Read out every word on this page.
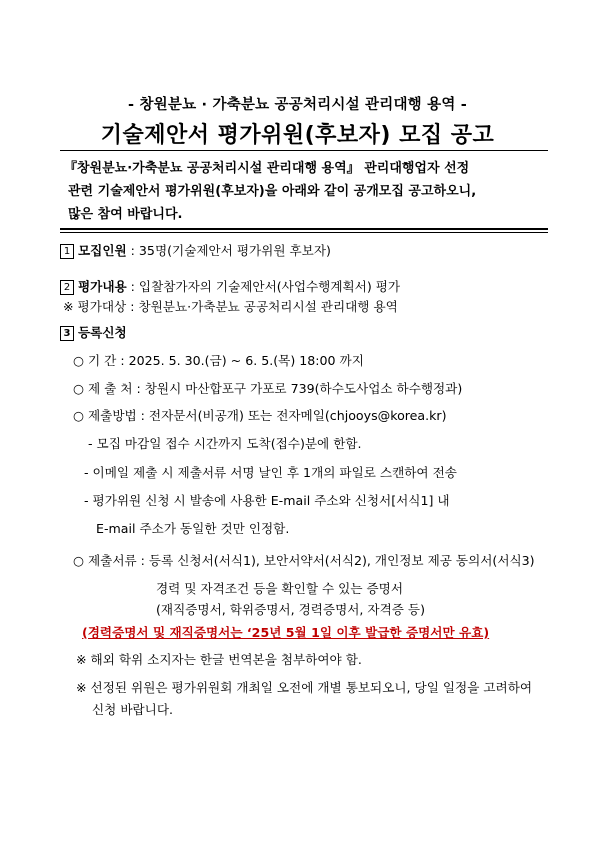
- 창원분뇨 · 가축분뇨 공공처리시설 관리대행 용역 -
기술제안서 평가위원(후보자) 모집 공고
『창원분뇨·가축분뇨 공공처리시설 관리대행 용역』 관리대행업자 선정
관련 기술제안서 평가위원(후보자)을 아래와 같이 공개모집 공고하오니,
많은 참여 바랍니다.
1 모집인원 : 35명(기술제안서 평가위원 후보자)
2 평가내용 : 입찰참가자의 기술제안서(사업수행계획서) 평가
※ 평가대상 : 창원분뇨·가축분뇨 공공처리시설 관리대행 용역
3 등록신청
○ 기 간 : 2025. 5. 30.(금) ~ 6. 5.(목) 18:00 까지
○ 제 출 처 : 창원시 마산합포구 가포로 739(하수도사업소 하수행정과)
○ 제출방법 : 전자문서(비공개) 또는 전자메일(chjooys@korea.kr)
- 모집 마감일 접수 시간까지 도착(접수)분에 한함.
- 이메일 제출 시 제출서류 서명 날인 후 1개의 파일로 스캔하여 전송
- 평가위원 신청 시 발송에 사용한 E-mail 주소와 신청서[서식1] 내
E-mail 주소가 동일한 것만 인정함.
○ 제출서류 : 등록 신청서(서식1), 보안서약서(서식2), 개인정보 제공 동의서(서식3)
경력 및 자격조건 등을 확인할 수 있는 증명서
(재직증명서, 학위증명서, 경력증명서, 자격증 등)
(경력증명서 및 재직증명서는 ‘25년 5월 1일 이후 발급한 증명서만 유효)
※ 해외 학위 소지자는 한글 번역본을 첨부하여야 함.
※ 선정된 위원은 평가위원회 개최일 오전에 개별 통보되오니, 당일 일정을 고려하여
신청 바랍니다.
